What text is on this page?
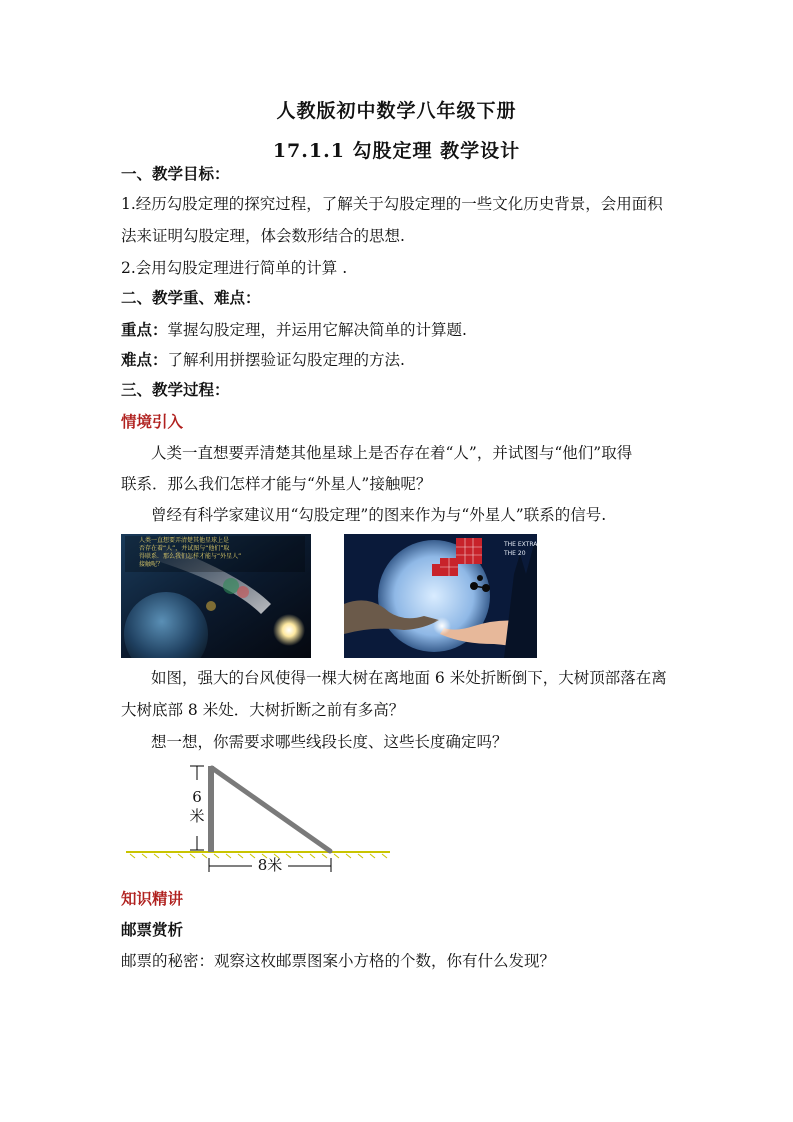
人教版初中数学八年级下册
17.1.1 勾股定理 教学设计
一、教学目标：
1.经历勾股定理的探究过程，了解关于勾股定理的一些文化历史背景，会用面积
法来证明勾股定理，体会数形结合的思想.
2.会用勾股定理进行简单的计算 .
二、教学重、难点：
重点：掌握勾股定理，并运用它解决简单的计算题.
难点：了解利用拼摆验证勾股定理的方法.
三、教学过程：
情境引入
人类一直想要弄清楚其他星球上是否存在着“人”，并试图与“他们”取得
联系．那么我们怎样才能与“外星人”接触呢？
曾经有科学家建议用“勾股定理”的图来作为与“外星人”联系的信号.
人类一直想要弄清楚其他星球上是
否存在着“人”，并试图与“他们”取
得联系．那么我们怎样才能与“外星人”
接触呢？
THE EXTRA
THE 20
如图，强大的台风使得一棵大树在离地面 6 米处折断倒下，大树顶部落在离
大树底部 8 米处．大树折断之前有多高？
想一想，你需要求哪些线段长度、这些长度确定吗？
6
米
8米
知识精讲
邮票赏析
邮票的秘密：观察这枚邮票图案小方格的个数，你有什么发现？
